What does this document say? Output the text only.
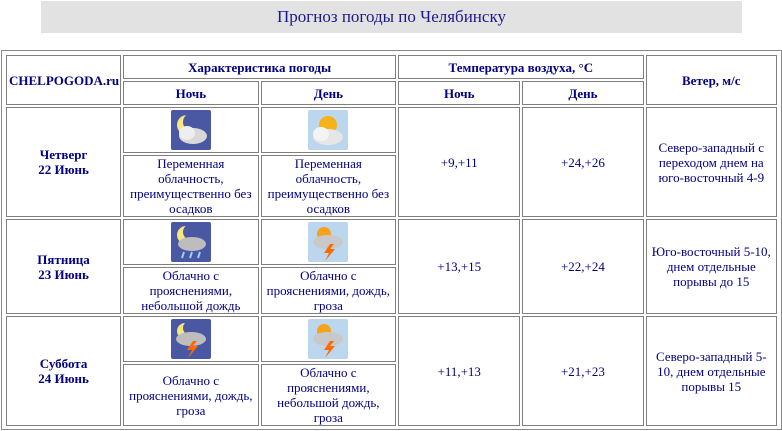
Прогноз погоды по Челябинску
CHELPOGODA.ru	Характеристика погоды		Температура воздуха, °С		Ветер, м/с
	Ночь	День	Ночь	День	
Четверг
22 Июнь			+9,+11	+24,+26	Северо-западный с переходом днем на юго-восточный 4-9
	Переменная облачность, преимущественно без осадков	Переменная облачность, преимущественно без осадков			
Пятница
23 Июнь			+13,+15	+22,+24	Юго-восточный 5-10, днем отдельные порывы до 15
	Облачно с прояснениями, небольшой дождь	Облачно с прояснениями, дождь, гроза			
Суббота
24 Июнь			+11,+13	+21,+23	Северо-западный 5-10, днем отдельные порывы 15
	Облачно с прояснениями, дождь, гроза	Облачно с прояснениями, небольшой дождь, гроза			
